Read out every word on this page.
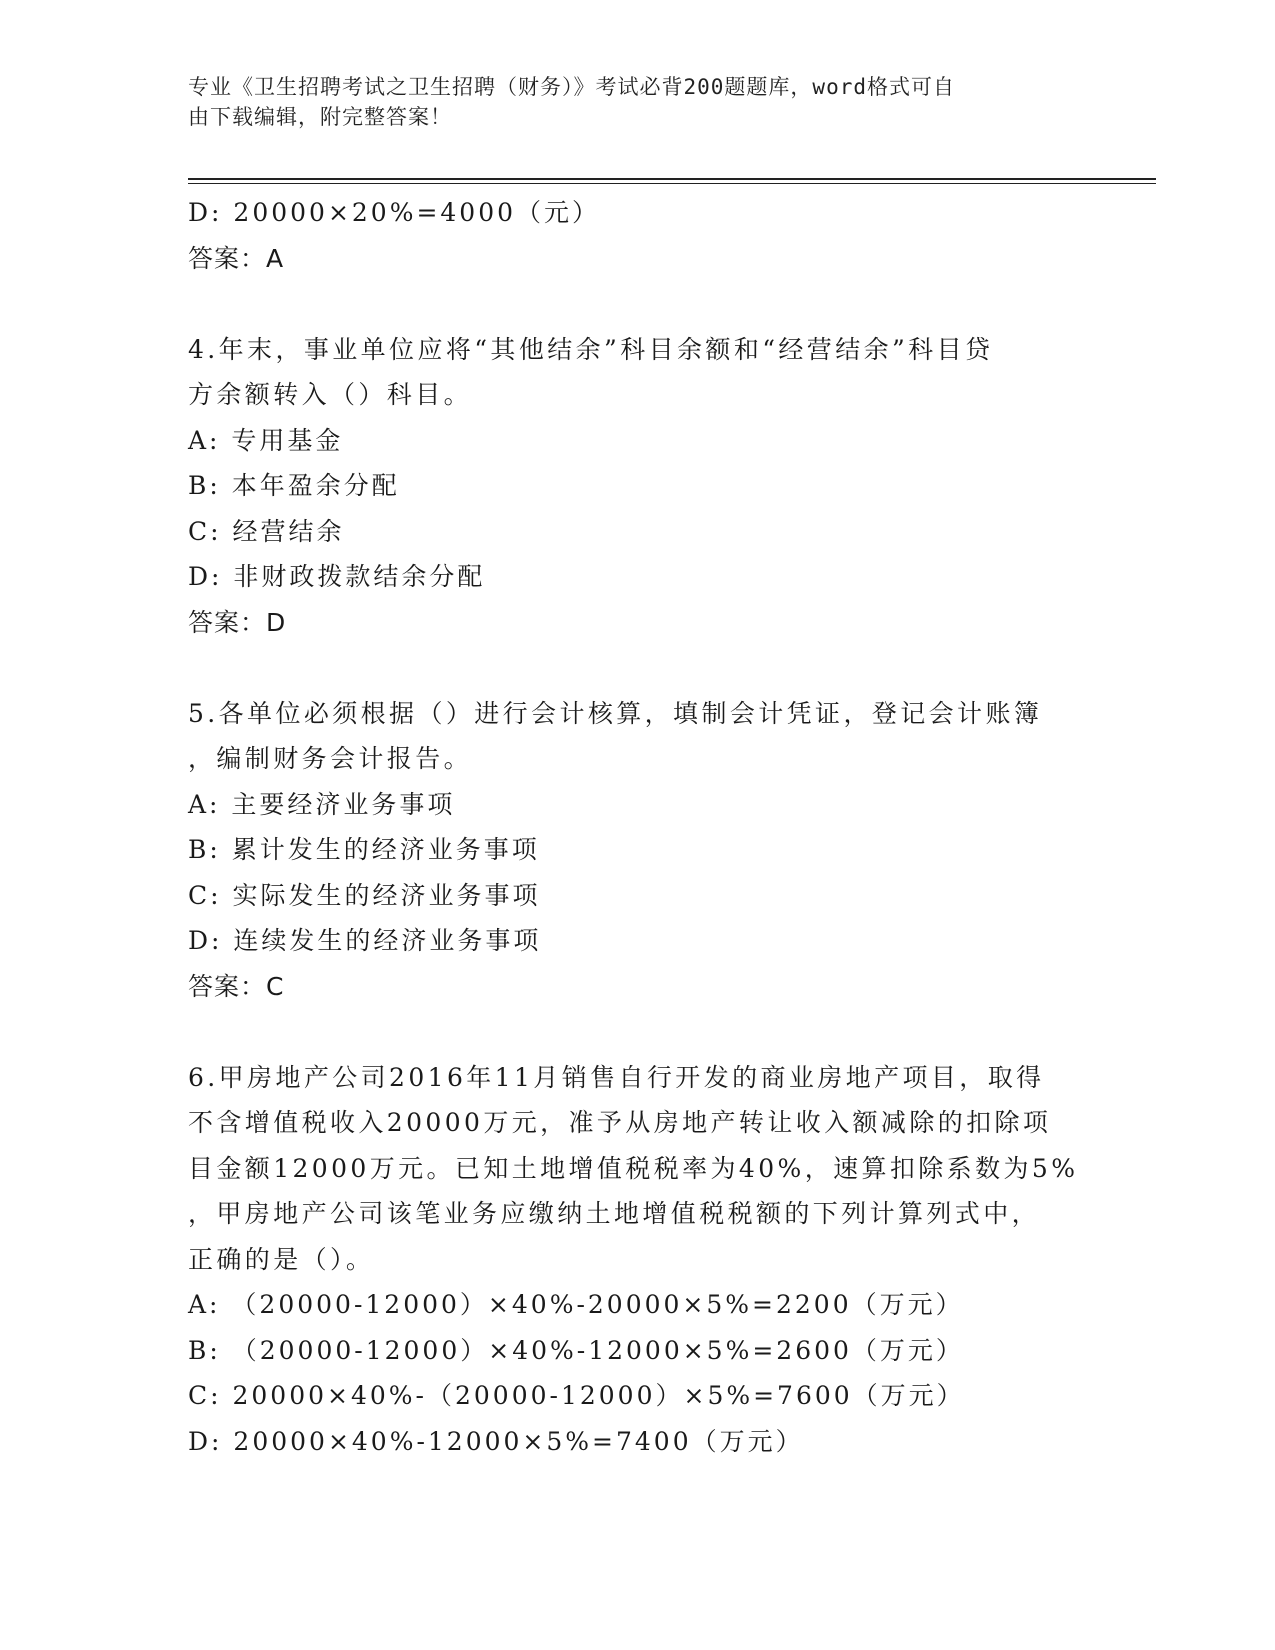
专业《卫生招聘考试之卫生招聘（财务）》考试必背200题题库，word格式可自
由下载编辑，附完整答案！
D: 20000×20%=4000（元）
答案：A
4.年末，事业单位应将“其他结余”科目余额和“经营结余”科目贷
方余额转入（）科目。
A: 专用基金
B: 本年盈余分配
C: 经营结余
D: 非财政拨款结余分配
答案：D
5.各单位必须根据（）进行会计核算，填制会计凭证，登记会计账簿
，编制财务会计报告。
A: 主要经济业务事项
B: 累计发生的经济业务事项
C: 实际发生的经济业务事项
D: 连续发生的经济业务事项
答案：C
6.甲房地产公司2016年11月销售自行开发的商业房地产项目，取得
不含增值税收入20000万元，准予从房地产转让收入额减除的扣除项
目金额12000万元。已知土地增值税税率为40%，速算扣除系数为5%
，甲房地产公司该笔业务应缴纳土地增值税税额的下列计算列式中，
正确的是（）。
A: （20000-12000）×40%-20000×5%=2200（万元）
B: （20000-12000）×40%-12000×5%=2600（万元）
C: 20000×40%-（20000-12000）×5%=7600（万元）
D: 20000×40%-12000×5%=7400（万元）
